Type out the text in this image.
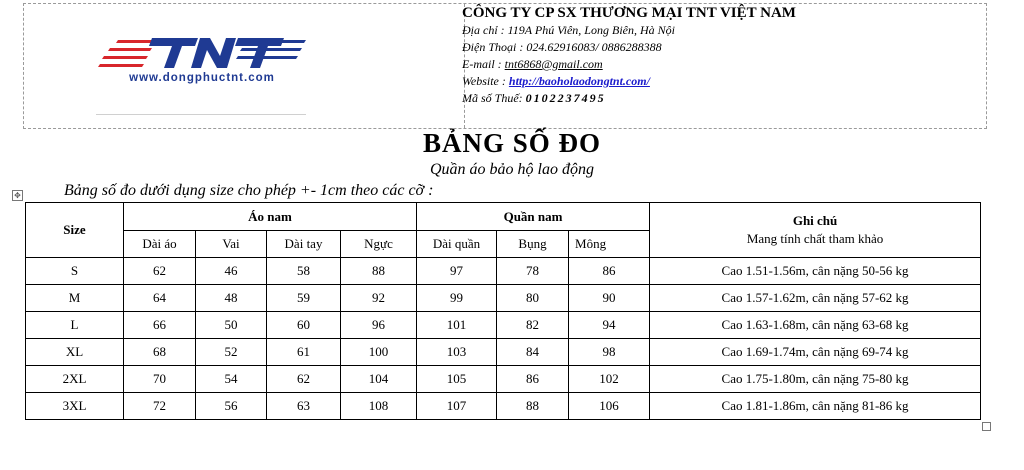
www.dongphuctnt.com
CÔNG TY CP SX THƯƠNG MẠI TNT VIỆT NAM
Địa chỉ : 119A Phú Viên, Long Biên, Hà Nội
Điện Thoại : 024.62916083/ 0886288388
E-mail : tnt6868@gmail.com
Website : http://baoholaodongtnt.com/
Mã số Thuế: 0102237495
BẢNG SỐ ĐO
Quần áo bảo hộ lao động
Bảng số đo dưới dụng size cho phép +- 1cm theo các cỡ :
✥
Size	Áo nam				Quần nam			Ghi chú
Mang tính chất tham khảo

	Dài áo	Vai	Dài tay	Ngực	Dài quần	Bụng	Mông	
S	62	46	58	88	97	78	86	Cao 1.51-1.56m, cân nặng 50-56 kg
M	64	48	59	92	99	80	90	Cao 1.57-1.62m, cân nặng 57-62 kg
L	66	50	60	96	101	82	94	Cao 1.63-1.68m, cân nặng 63-68 kg
XL	68	52	61	100	103	84	98	Cao 1.69-1.74m, cân nặng 69-74 kg
2XL	70	54	62	104	105	86	102	Cao 1.75-1.80m, cân nặng 75-80 kg
3XL	72	56	63	108	107	88	106	Cao 1.81-1.86m, cân nặng 81-86 kg
